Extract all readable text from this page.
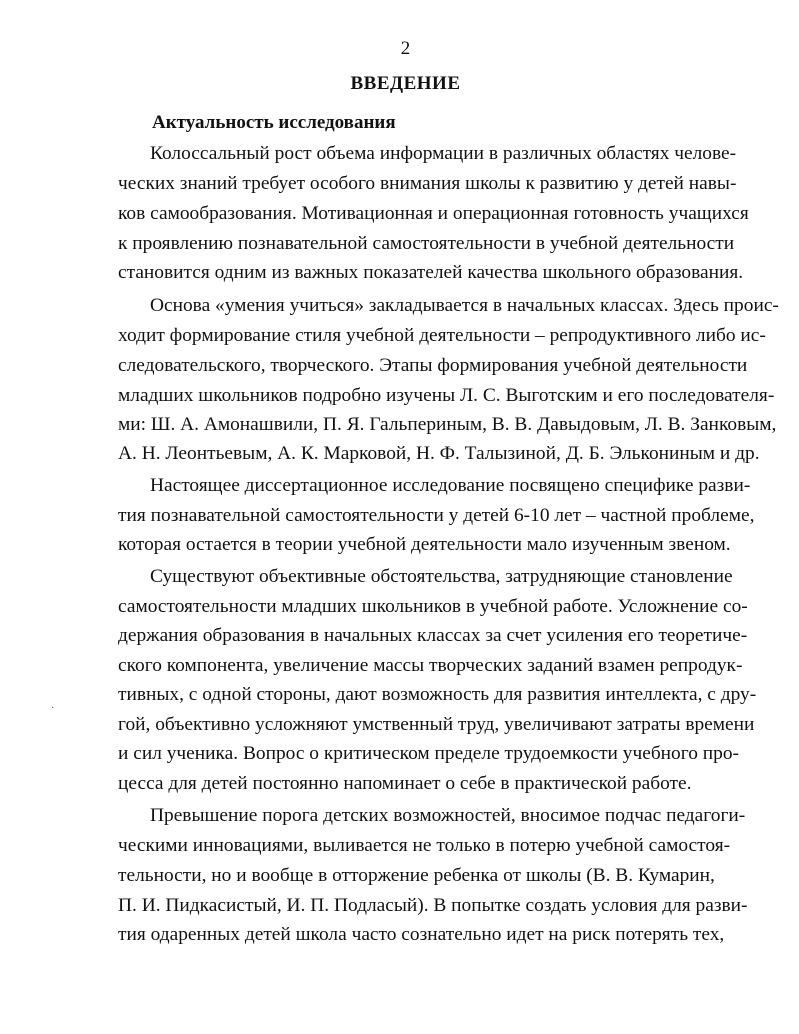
2
ВВЕДЕНИЕ
Актуальность исследования
Колоссальный рост объема информации в различных областях челове-
ческих знаний требует особого внимания школы к развитию у детей навы-
ков самообразования. Мотивационная и операционная готовность учащихся
к проявлению познавательной самостоятельности в учебной деятельности
становится одним из важных показателей качества школьного образования.
Основа «умения учиться» закладывается в начальных классах. Здесь проис-
ходит формирование стиля учебной деятельности – репродуктивного либо ис-
следовательского, творческого. Этапы формирования учебной деятельности
младших школьников подробно изучены Л. С. Выготским и его последователя-
ми: Ш. А. Амонашвили, П. Я. Гальпериным, В. В. Давыдовым, Л. В. Занковым,
А. Н. Леонтьевым, А. К. Марковой, Н. Ф. Талызиной, Д. Б. Элькониным и др.
Настоящее диссертационное исследование посвящено специфике разви-
тия познавательной самостоятельности у детей 6-10 лет – частной проблеме,
которая остается в теории учебной деятельности мало изученным звеном.
Существуют объективные обстоятельства, затрудняющие становление
самостоятельности младших школьников в учебной работе. Усложнение со-
держания образования в начальных классах за счет усиления его теоретиче-
ского компонента, увеличение массы творческих заданий взамен репродук-
тивных, с одной стороны, дают возможность для развития интеллекта, с дру-
гой, объективно усложняют умственный труд, увеличивают затраты времени
и сил ученика. Вопрос о критическом пределе трудоемкости учебного про-
цесса для детей постоянно напоминает о себе в практической работе.
Превышение порога детских возможностей, вносимое подчас педагоги-
ческими инновациями, выливается не только в потерю учебной самостоя-
тельности, но и вообще в отторжение ребенка от школы (В. В. Кумарин,
П. И. Пидкасистый, И. П. Подласый). В попытке создать условия для разви-
тия одаренных детей школа часто сознательно идет на риск потерять тех,
·
